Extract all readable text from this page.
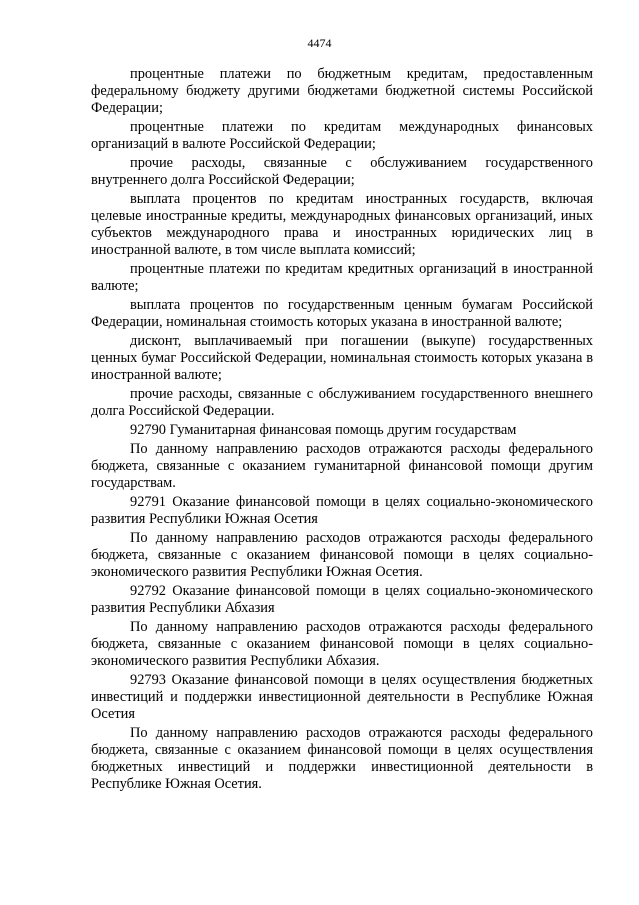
4474

процентные платежи по бюджетным кредитам, предоставленным федеральному бюджету другими бюджетами бюджетной системы Российской Федерации;

процентные платежи по кредитам международных финансовых организаций в валюте Российской Федерации;

прочие расходы, связанные с обслуживанием государственного внутреннего долга Российской Федерации;

выплата процентов по кредитам иностранных государств, включая целевые иностранные кредиты, международных финансовых организаций, иных субъектов международного права и иностранных юридических лиц в иностранной валюте, в том числе выплата комиссий;

процентные платежи по кредитам кредитных организаций в иностранной валюте;

выплата процентов по государственным ценным бумагам Российской Федерации, номинальная стоимость которых указана в иностранной валюте;

дисконт, выплачиваемый при погашении (выкупе) государственных ценных бумаг Российской Федерации, номинальная стоимость которых указана в иностранной валюте;

прочие расходы, связанные с обслуживанием государственного внешнего долга Российской Федерации.

92790 Гуманитарная финансовая помощь другим государствам

По данному направлению расходов отражаются расходы федерального бюджета, связанные с оказанием гуманитарной финансовой помощи другим государствам.

92791 Оказание финансовой помощи в целях социально-экономического развития Республики Южная Осетия

По данному направлению расходов отражаются расходы федерального бюджета, связанные с оказанием финансовой помощи в целях социально-экономического развития Республики Южная Осетия.

92792 Оказание финансовой помощи в целях социально-экономического развития Республики Абхазия

По данному направлению расходов отражаются расходы федерального бюджета, связанные с оказанием финансовой помощи в целях социально-экономического развития Республики Абхазия.

92793 Оказание финансовой помощи в целях осуществления бюджетных инвестиций и поддержки инвестиционной деятельности в Республике Южная Осетия

По данному направлению расходов отражаются расходы федерального бюджета, связанные с оказанием финансовой помощи в целях осуществления бюджетных инвестиций и поддержки инвестиционной деятельности в Республике Южная Осетия.
